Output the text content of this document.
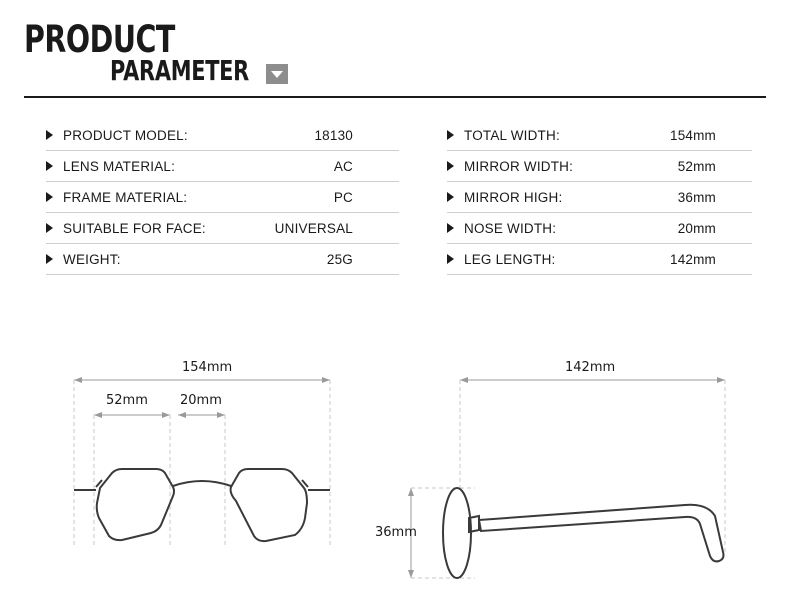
PRODUCT
PARAMETER
PRODUCT MODEL:	18130
LENS MATERIAL:	AC
FRAME MATERIAL:	PC
SUITABLE FOR FACE:	UNIVERSAL
WEIGHT:	25G
TOTAL WIDTH:	154mm
MIRROR WIDTH:	52mm
MIRROR HIGH:	36mm
NOSE WIDTH:	20mm
LEG LENGTH:	142mm
154mm
52mm 20mm
142mm
36mm
